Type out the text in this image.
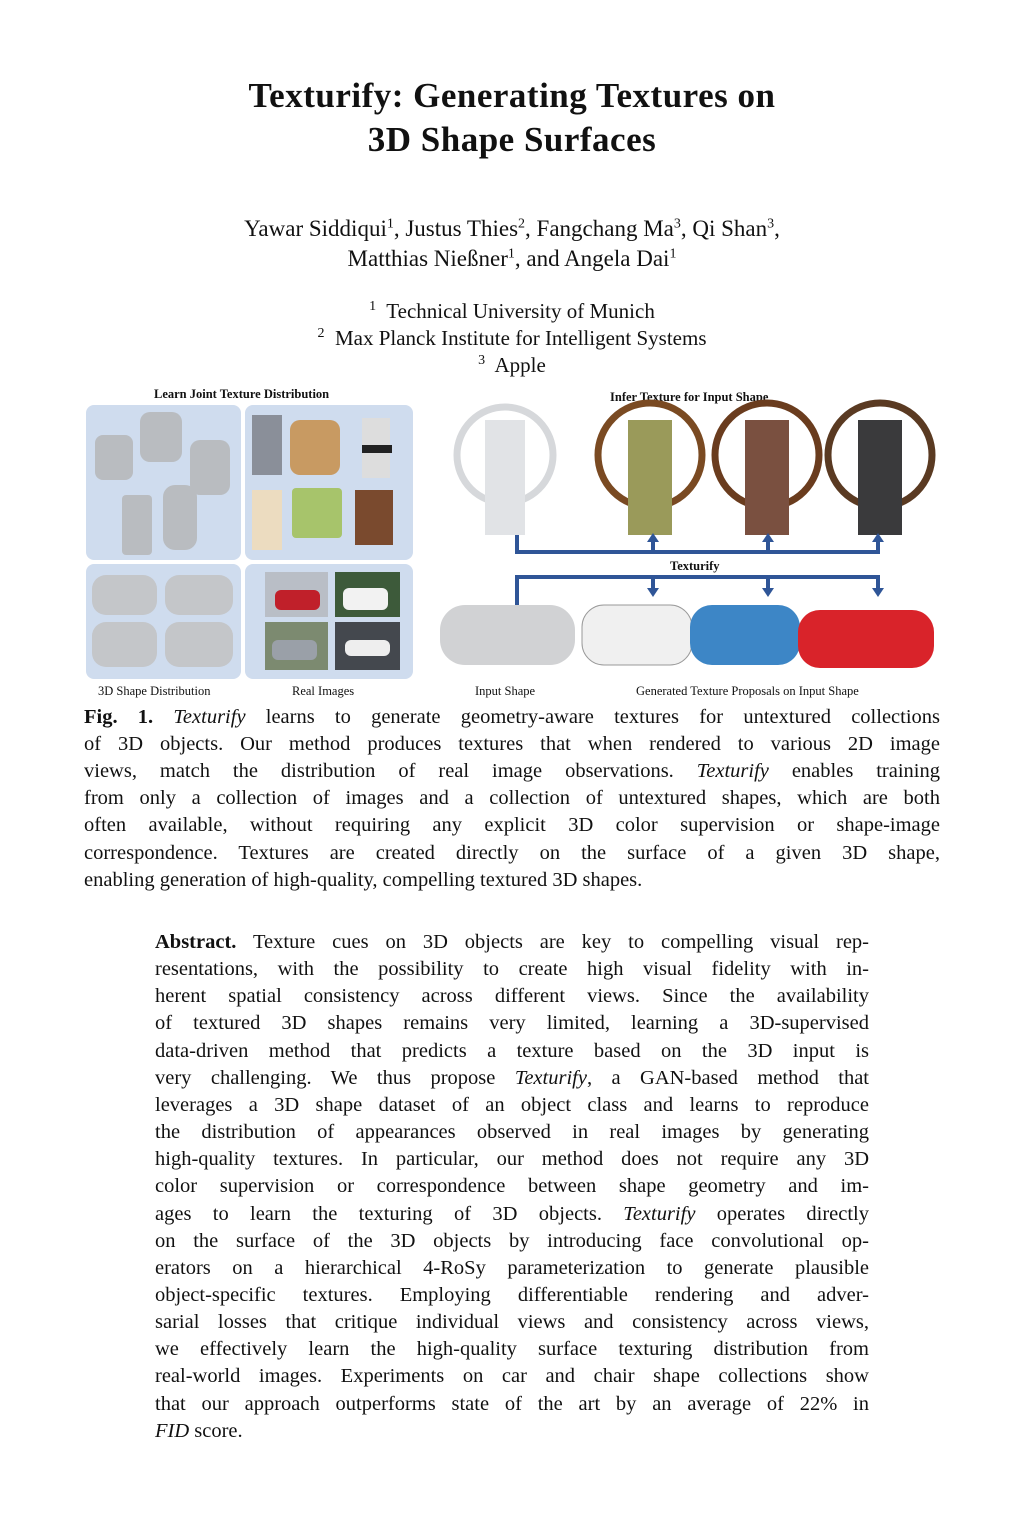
Texturify: Generating Textures on
3D Shape Surfaces
Yawar Siddiqui$^1$, Justus Thies$^2$, Fangchang Ma$^3$, Qi Shan$^3$,
Matthias Nießner$^1$, and Angela Dai$^1$
$^1$ Technical University of Munich
$^2$ Max Planck Institute for Intelligent Systems
$^3$ Apple
Learn Joint Texture Distribution	Infer Texture for Input Shape
Texturify
3D Shape Distribution	Real Images	Input Shape	Generated Texture Proposals on Input Shape
Fig. 1. Texturify learns to generate geometry-aware textures for untextured collections
of 3D objects. Our method produces textures that when rendered to various 2D image
views, match the distribution of real image observations. Texturify enables training
from only a collection of images and a collection of untextured shapes, which are both
often available, without requiring any explicit 3D color supervision or shape-image
correspondence. Textures are created directly on the surface of a given 3D shape,
enabling generation of high-quality, compelling textured 3D shapes.
Abstract. Texture cues on 3D objects are key to compelling visual rep-
resentations, with the possibility to create high visual fidelity with in-
herent spatial consistency across different views. Since the availability
of textured 3D shapes remains very limited, learning a 3D-supervised
data-driven method that predicts a texture based on the 3D input is
very challenging. We thus propose Texturify, a GAN-based method that
leverages a 3D shape dataset of an object class and learns to reproduce
the distribution of appearances observed in real images by generating
high-quality textures. In particular, our method does not require any 3D
color supervision or correspondence between shape geometry and im-
ages to learn the texturing of 3D objects. Texturify operates directly
on the surface of the 3D objects by introducing face convolutional op-
erators on a hierarchical 4-RoSy parameterization to generate plausible
object-specific textures. Employing differentiable rendering and adver-
sarial losses that critique individual views and consistency across views,
we effectively learn the high-quality surface texturing distribution from
real-world images. Experiments on car and chair shape collections show
that our approach outperforms state of the art by an average of 22% in
FID score.
